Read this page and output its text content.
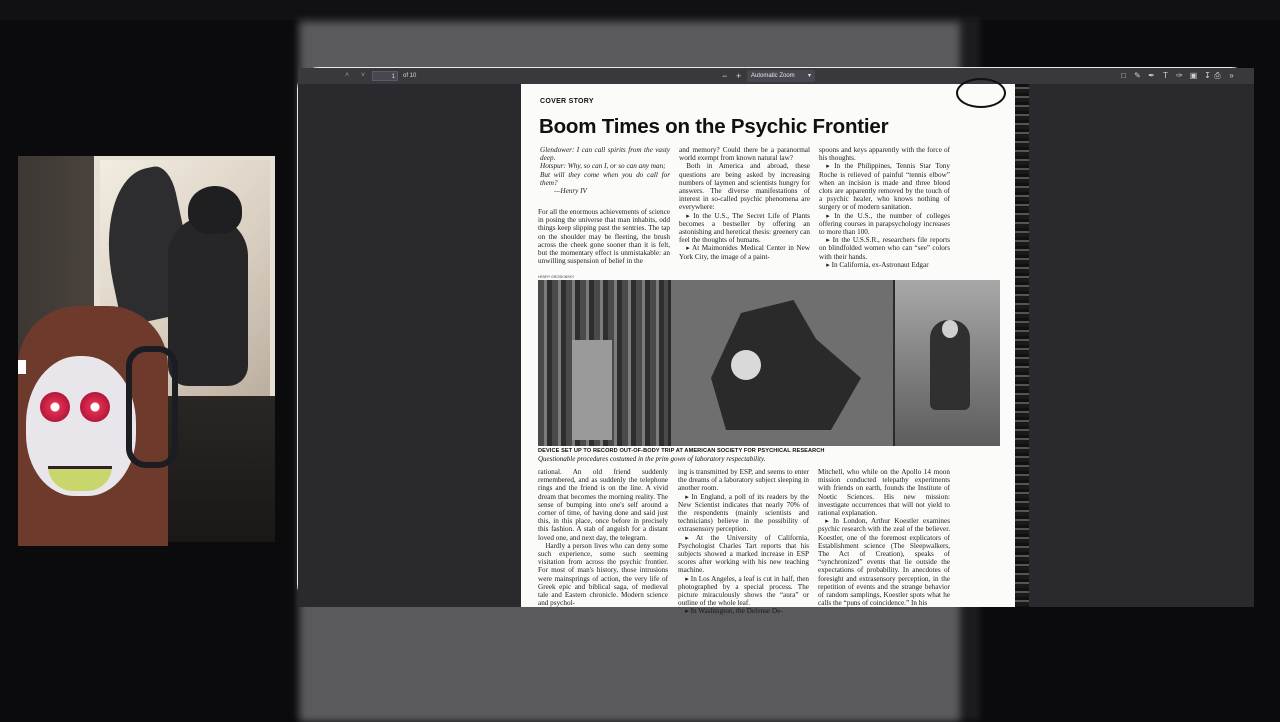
˄ ˅	1	of 10	− +	Automatic Zoom ▾	□ ✎ ✒ T ✑ ▣ ↧ ⎙ »
COVER STORY
Boom Times on the Psychic Frontier
Glendower: I can call spirits from the vasty deep.
Hotspur: Why, so can I, or so can any man;
But will they come when you do call for them?
—Henry IV
For all the enormous achievements of science in posing the universe that man inhabits, odd things keep slipping past the sentries. The tap on the shoulder may be fleeting, the brush across the cheek gone sooner than it is felt, but the momentary effect is unmistakable: an unwilling suspension of belief in the
and memory? Could there be a paranormal world exempt from known natural law?
 Both in America and abroad, these questions are being asked by increasing numbers of laymen and scientists hungry for answers. The diverse manifestations of interest in so-called psychic phenomena are everywhere:
 ▸ In the U.S., The Secret Life of Plants becomes a bestseller by offering an astonishing and heretical thesis: greenery can feel the thoughts of humans.
 ▸ At Maimonides Medical Center in New York City, the image of a paint-
spoons and keys apparently with the force of his thoughts.
 ▸ In the Philippines, Tennis Star Tony Roche is relieved of painful “tennis elbow” when an incision is made and three blood clots are apparently removed by the touch of a psychic healer, who knows nothing of surgery or of modern sanitation.
 ▸ In the U.S., the number of colleges offering courses in parapsychology increases to more than 100.
 ▸ In the U.S.S.R., researchers file reports on blindfolded women who can “see” colors with their hands.
 ▸ In California, ex-Astronaut Edgar
HENRY GROSKINSKY
DEVICE SET UP TO RECORD OUT-OF-BODY TRIP AT AMERICAN SOCIETY FOR PSYCHICAL RESEARCH
Questionable procedures costumed in the prim gown of laboratory respectability.
rational. An old friend suddenly remembered, and as suddenly the telephone rings and the friend is on the line. A vivid dream that becomes the morning reality. The sense of bumping into one's self around a corner of time, of having done and said just this, in this place, once before in precisely this fashion. A stab of anguish for a distant loved one, and next day, the telegram.
 Hardly a person lives who can deny some such experience, some such seeming visitation from across the psychic frontier. For most of man's history, those intrusions were mainsprings of action, the very life of Greek epic and biblical saga, of medieval tale and Eastern chronicle. Modern science and psychol-
ing is transmitted by ESP, and seems to enter the dreams of a laboratory subject sleeping in another room.
 ▸ In England, a poll of its readers by the New Scientist indicates that nearly 70% of the respondents (mainly scientists and technicians) believe in the possibility of extrasensory perception.
 ▸ At the University of California, Psychologist Charles Tart reports that his subjects showed a marked increase in ESP scores after working with his new teaching machine.
 ▸ In Los Angeles, a leaf is cut in half, then photographed by a special process. The picture miraculously shows the “aura” or outline of the whole leaf.
 ▸ In Washington, the Defense De-
Mitchell, who while on the Apollo 14 moon mission conducted telepathy experiments with friends on earth, founds the Institute of Noetic Sciences. His new mission: investigate occurrences that will not yield to rational explanation.
 ▸ In London, Arthur Koestler examines psychic research with the zeal of the believer. Koestler, one of the foremost explicators of Establishment science (The Sleepwalkers, The Act of Creation), speaks of “synchronized” events that lie outside the expectations of probability. In anecdotes of foresight and extrasensory perception, in the repetition of events and the strange behavior of random samplings, Koestler spots what he calls the “puns of coincidence.” In his
